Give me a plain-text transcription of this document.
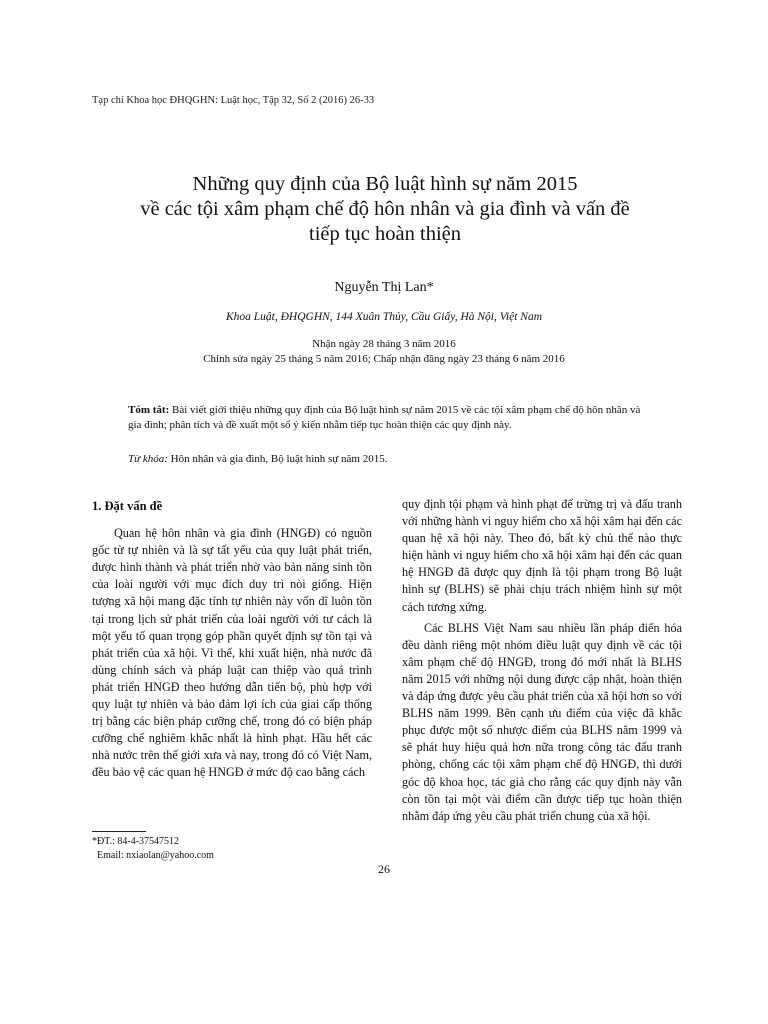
Tạp chí Khoa học ĐHQGHN: Luật học, Tập 32, Số 2 (2016) 26-33
Những quy định của Bộ luật hình sự năm 2015
về các tội xâm phạm chế độ hôn nhân và gia đình và vấn đề
tiếp tục hoàn thiện
Nguyễn Thị Lan*
Khoa Luật, ĐHQGHN, 144 Xuân Thủy, Cầu Giấy, Hà Nội, Việt Nam
Nhận ngày 28 tháng 3 năm 2016
Chỉnh sửa ngày 25 tháng 5 năm 2016; Chấp nhận đăng ngày 23 tháng 6 năm 2016
Tóm tắt: Bài viết giới thiệu những quy định của Bộ luật hình sự năm 2015 về các tội xâm phạm chế độ hôn nhân và gia đình; phân tích và đề xuất một số ý kiến nhằm tiếp tục hoàn thiện các quy định này.
Từ khóa: Hôn nhân và gia đình, Bộ luật hình sự năm 2015.
1. Đặt vấn đề

Quan hệ hôn nhân và gia đình (HNGĐ) có nguồn gốc từ tự nhiên và là sự tất yếu của quy luật phát triển, được hình thành và phát triển nhờ vào bản năng sinh tồn của loài người với mục đích duy trì nòi giống. Hiện tượng xã hội mang đặc tính tự nhiên này vốn dĩ luôn tồn tại trong lịch sử phát triển của loài người với tư cách là một yếu tố quan trọng góp phần quyết định sự tồn tại và phát triển của xã hội. Vì thế, khi xuất hiện, nhà nước đã dùng chính sách và pháp luật can thiệp vào quá trình phát triển HNGĐ theo hướng dẫn tiến bộ, phù hợp với quy luật tự nhiên và bảo đảm lợi ích của giai cấp thống trị bằng các biện pháp cưỡng chế, trong đó có biện pháp cưỡng chế nghiêm khắc nhất là hình phạt. Hầu hết các nhà nước trên thế giới xưa và nay, trong đó có Việt Nam, đều bảo vệ các quan hệ HNGĐ ở mức độ cao bằng cách

quy định tội phạm và hình phạt để trừng trị và đấu tranh với những hành vi nguy hiểm cho xã hội xâm hại đến các quan hệ xã hội này. Theo đó, bất kỳ chủ thể nào thực hiện hành vi nguy hiểm cho xã hội xâm hại đến các quan hệ HNGĐ đã được quy định là tội phạm trong Bộ luật hình sự (BLHS) sẽ phải chịu trách nhiệm hình sự một cách tương xứng.

Các BLHS Việt Nam sau nhiều lần pháp điển hóa đều dành riêng một nhóm điều luật quy định về các tội xâm phạm chế độ HNGĐ, trong đó mới nhất là BLHS năm 2015 với những nội dung được cập nhật, hoàn thiện và đáp ứng được yêu cầu phát triển của xã hội hơn so với BLHS năm 1999. Bên cạnh ưu điểm của việc đã khắc phục được một số nhược điểm của BLHS năm 1999 và sẽ phát huy hiệu quả hơn nữa trong công tác đấu tranh phòng, chống các tội xâm phạm chế độ HNGĐ, thì dưới góc độ khoa học, tác giả cho rằng các quy định này vẫn còn tồn tại một vài điểm cần được tiếp tục hoàn thiện nhằm đáp ứng yêu cầu phát triển chung của xã hội.

*ĐT.: 84-4-37547512
Email: nxiaolan@yahoo.com
26
